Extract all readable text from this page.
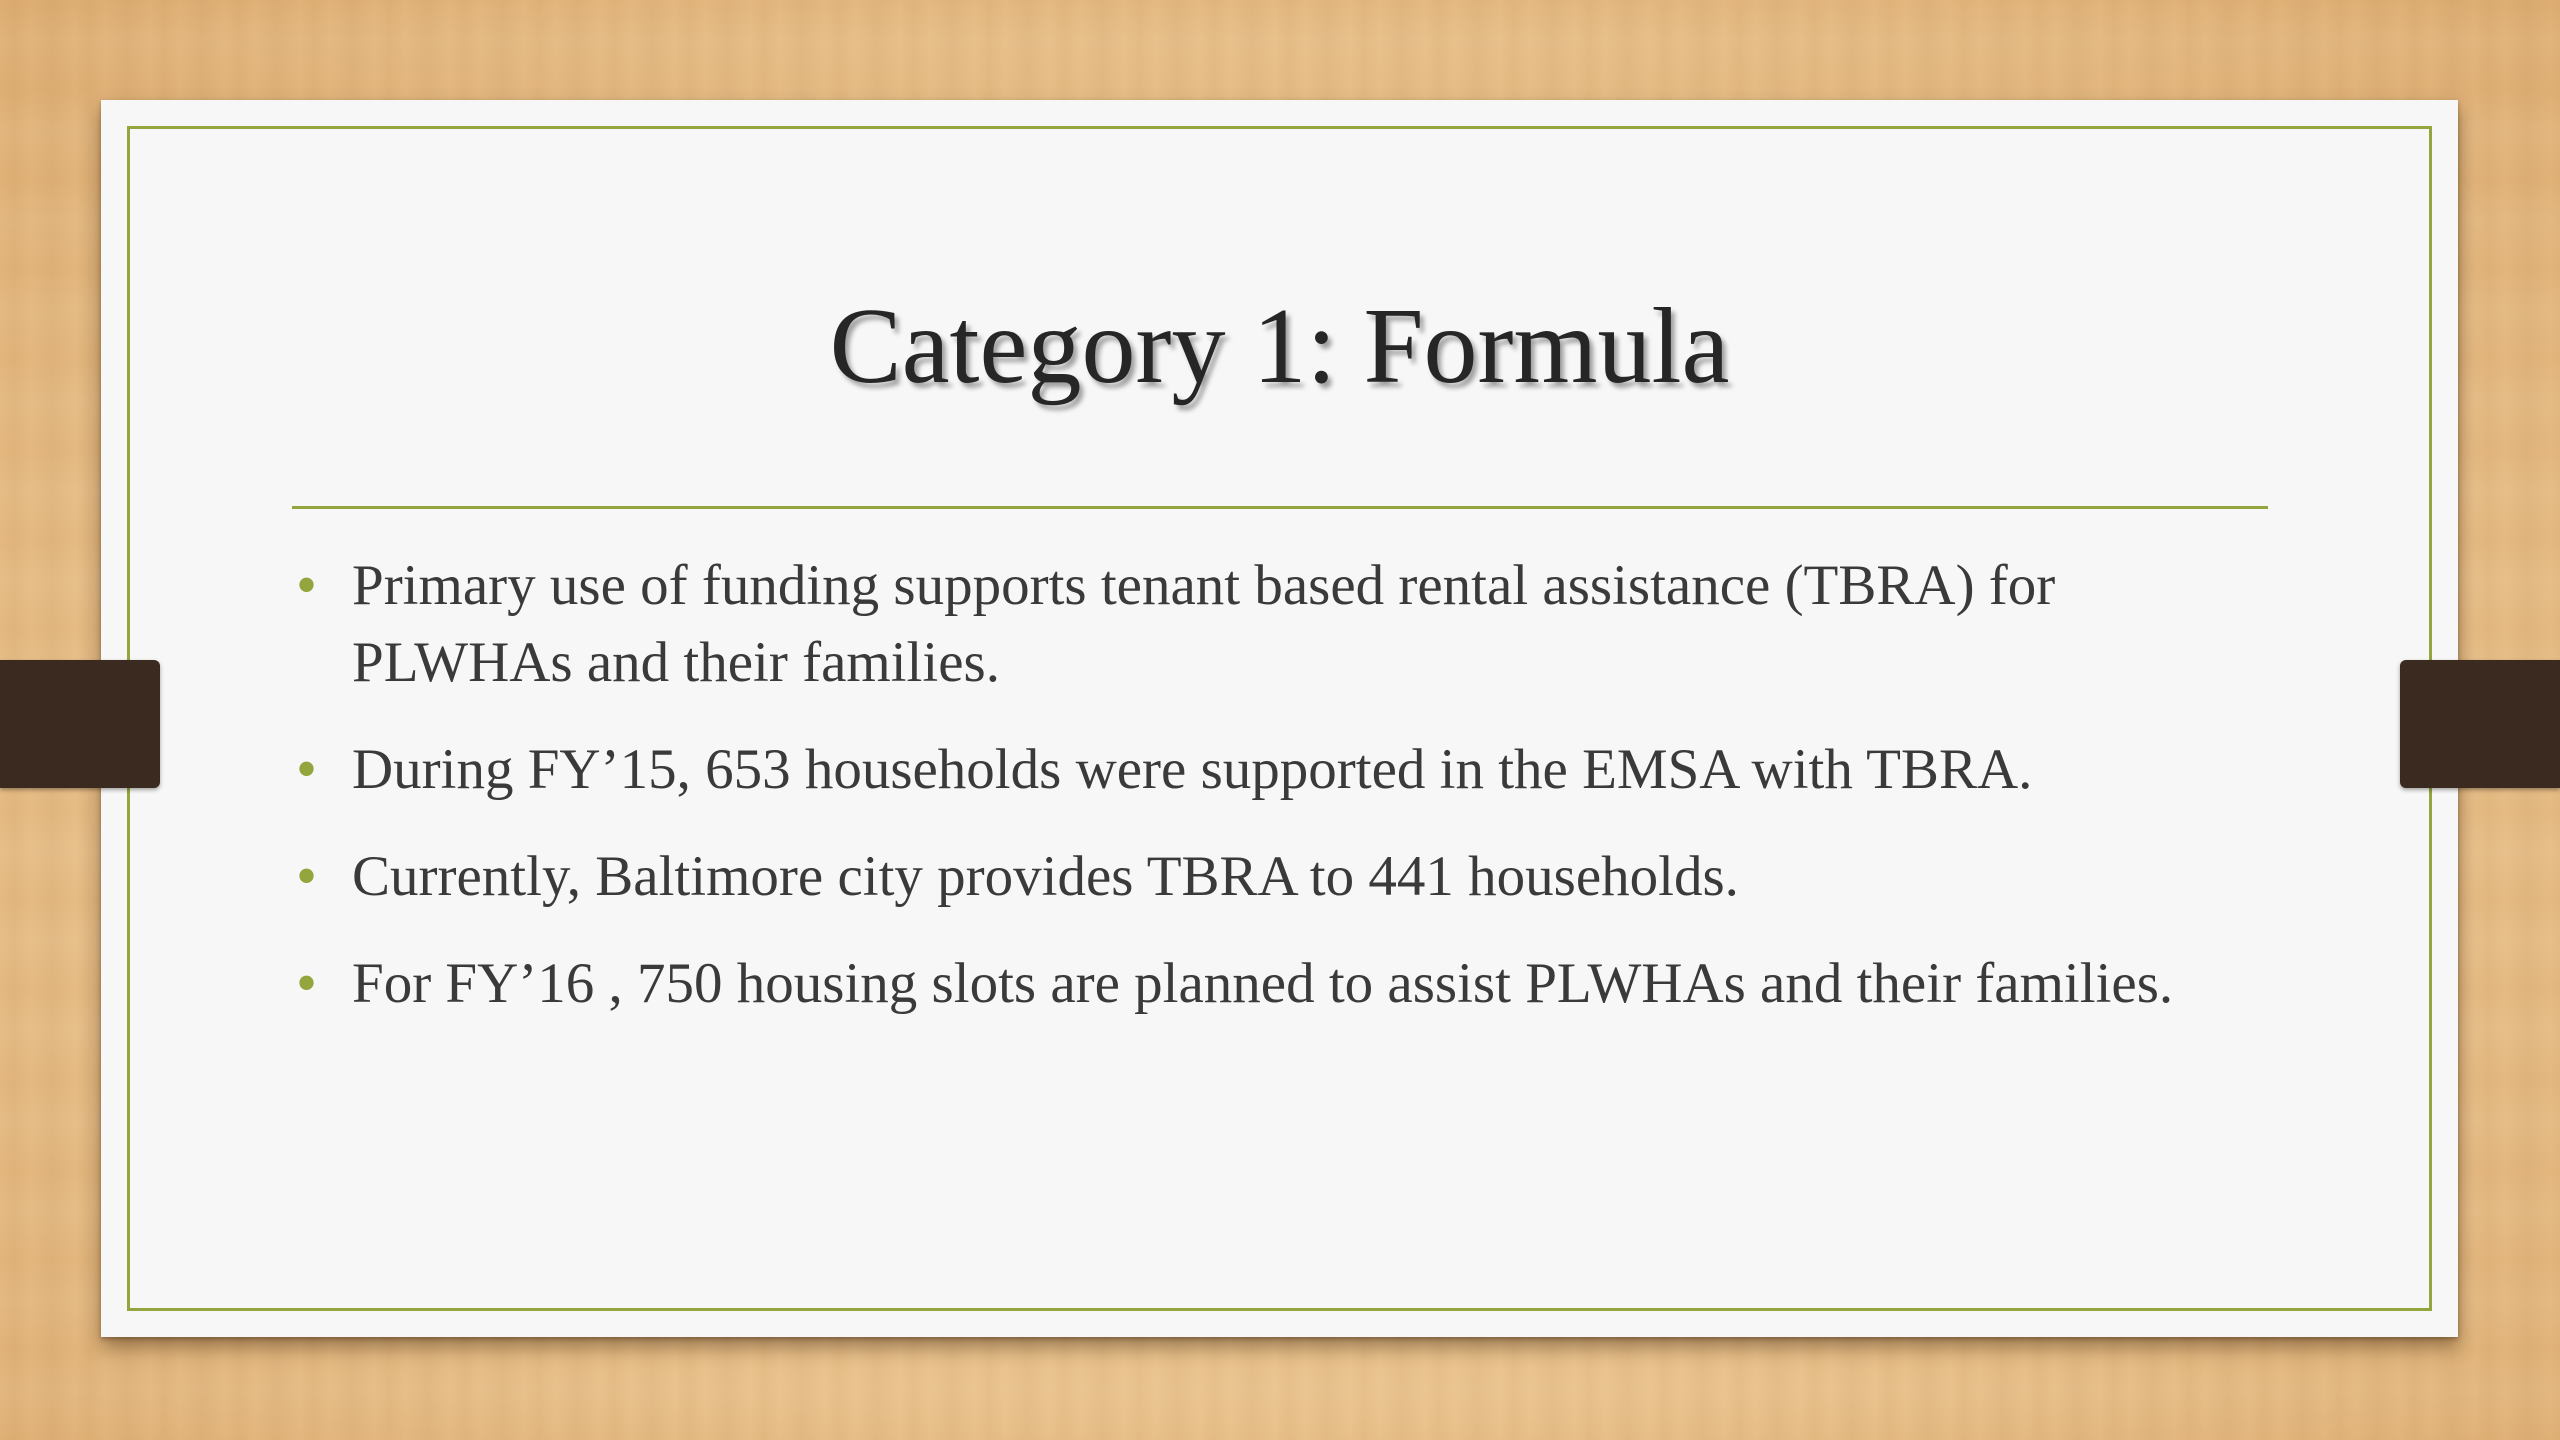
Category 1: Formula
• Primary use of funding supports tenant based rental assistance (TBRA) for PLWHAs and their families.
• During FY’15, 653 households were supported in the EMSA with TBRA.
• Currently, Baltimore city provides TBRA to 441 households.
• For FY’16 , 750 housing slots are planned to assist PLWHAs and their families.
